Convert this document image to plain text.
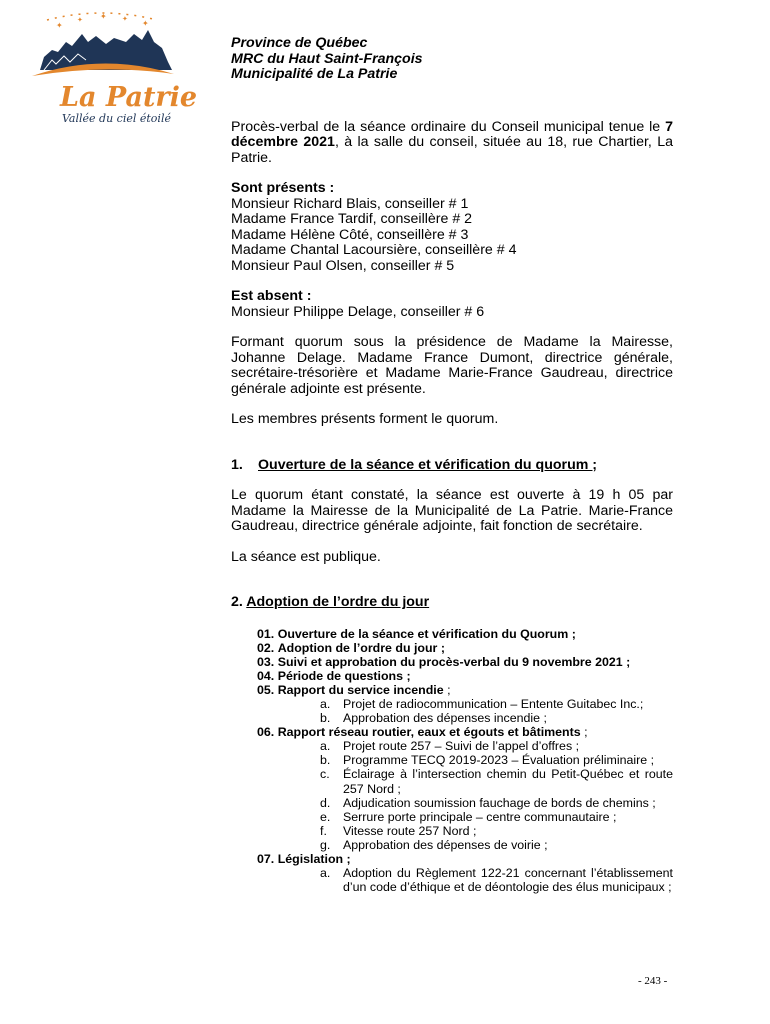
✦
✦ ✦ ✦ ✦
La Patrie
Vallée du ciel étoilé

Province de Québec

MRC du Haut Saint-François

Municipalité de La Patrie

Procès-verbal de la séance ordinaire du Conseil municipal tenue le 7 décembre 2021, à la salle du conseil, située au 18, rue Chartier, La Patrie.

Sont présents :

Monsieur Richard Blais, conseiller # 1

Madame France Tardif, conseillère # 2

Madame Hélène Côté, conseillère # 3

Madame Chantal Lacoursière, conseillère # 4

Monsieur Paul Olsen, conseiller # 5

Est absent :

Monsieur Philippe Delage, conseiller # 6

Formant quorum sous la présidence de Madame la Mairesse, Johanne Delage. Madame France Dumont, directrice générale, secrétaire-trésorière et Madame Marie-France Gaudreau, directrice générale adjointe est présente.

Les membres présents forment le quorum.

1. Ouverture de la séance et vérification du quorum ;

Le quorum étant constaté, la séance est ouverte à 19 h 05 par Madame la Mairesse de la Municipalité de La Patrie. Marie-France Gaudreau, directrice générale adjointe, fait fonction de secrétaire.

La séance est publique.

2. Adoption de l’ordre du jour

01. Ouverture de la séance et vérification du Quorum ;
02. Adoption de l’ordre du jour ;
03. Suivi et approbation du procès-verbal du 9 novembre 2021 ;
04. Période de questions ;
05. Rapport du service incendie ;
a. Projet de radiocommunication – Entente Guitabec Inc.;
b. Approbation des dépenses incendie ;
06. Rapport réseau routier, eaux et égouts et bâtiments ;
a. Projet route 257 – Suivi de l’appel d’offres ;
b. Programme TECQ 2019-2023 – Évaluation préliminaire ;
c. Éclairage à l’intersection chemin du Petit-Québec et route 257 Nord ;
d. Adjudication soumission fauchage de bords de chemins ;
e. Serrure porte principale – centre communautaire ;
f. Vitesse route 257 Nord ;
g. Approbation des dépenses de voirie ;
07. Législation ;
a. Adoption du Règlement 122-21 concernant l’établissement d’un code d’éthique et de déontologie des élus municipaux ;
- 243 -
